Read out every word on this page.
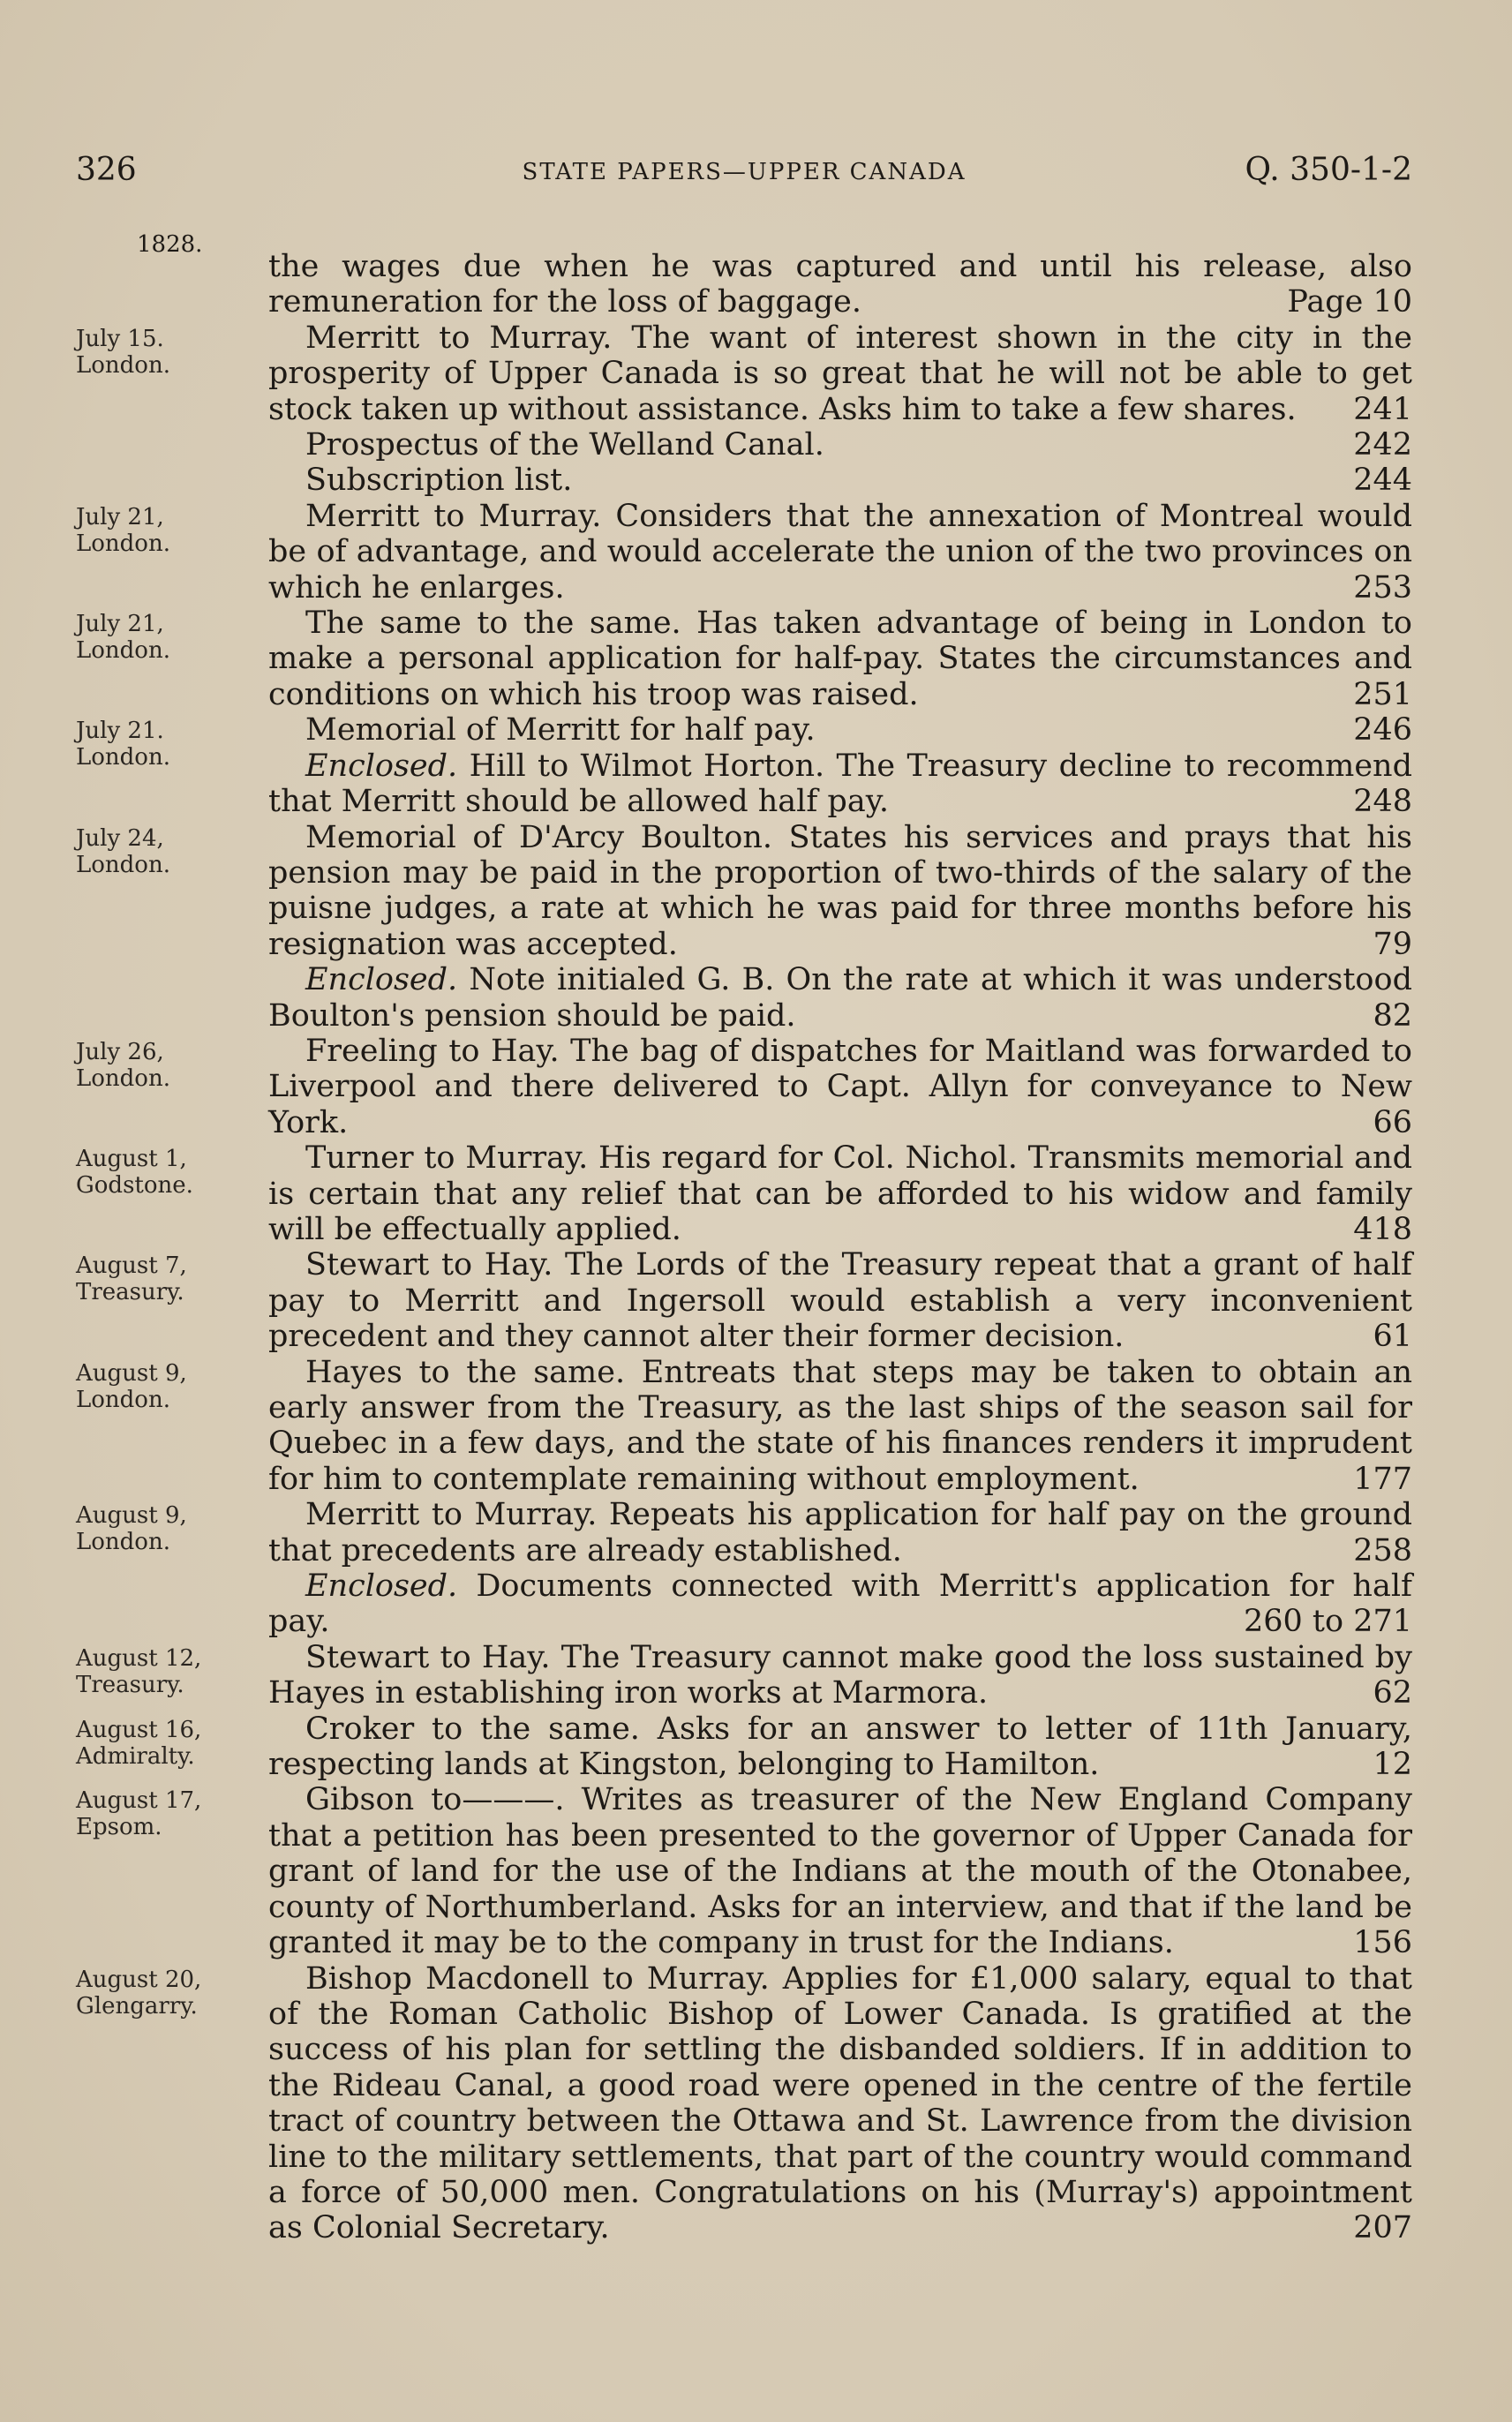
326	STATE PAPERS—UPPER CANADA	Q. 350-1-2
1828.
the wages due when he was captured and until his release, also remuneration for the loss of baggage.	Page 10
July 15.
London.
Merritt to Murray. The want of interest shown in the city in the prosperity of Upper Canada is so great that he will not be able to get stock taken up without assistance. Asks him to take a few shares.	241
Prospectus of the Welland Canal.	242
Subscription list.	244
July 21,
London.
Merritt to Murray. Considers that the annexation of Montreal would be of advantage, and would accelerate the union of the two provinces on which he enlarges.	253
July 21,
London.
The same to the same. Has taken advantage of being in London to make a personal application for half-pay. States the circumstances and conditions on which his troop was raised.	251
July 21.
London.
Memorial of Merritt for half pay.	246
Enclosed. Hill to Wilmot Horton. The Treasury decline to recommend that Merritt should be allowed half pay.	248
July 24,
London.
Memorial of D'Arcy Boulton. States his services and prays that his pension may be paid in the proportion of two-thirds of the salary of the puisne judges, a rate at which he was paid for three months before his resignation was accepted.	79
Enclosed. Note initialed G. B. On the rate at which it was understood Boulton's pension should be paid.	82
July 26,
London.
Freeling to Hay. The bag of dispatches for Maitland was forwarded to Liverpool and there delivered to Capt. Allyn for conveyance to New York.	66
August 1,
Godstone.
Turner to Murray. His regard for Col. Nichol. Transmits memorial and is certain that any relief that can be afforded to his widow and family will be effectually applied.	418
August 7,
Treasury.
Stewart to Hay. The Lords of the Treasury repeat that a grant of half pay to Merritt and Ingersoll would establish a very inconvenient precedent and they cannot alter their former decision.	61
August 9,
London.
Hayes to the same. Entreats that steps may be taken to obtain an early answer from the Treasury, as the last ships of the season sail for Quebec in a few days, and the state of his finances renders it imprudent for him to contemplate remaining without employment.	177
August 9,
London.
Merritt to Murray. Repeats his application for half pay on the ground that precedents are already established.	258
Enclosed. Documents connected with Merritt's application for half pay.	260 to 271
August 12,
Treasury.
Stewart to Hay. The Treasury cannot make good the loss sustained by Hayes in establishing iron works at Marmora.	62
August 16,
Admiralty.
Croker to the same. Asks for an answer to letter of 11th January, respecting lands at Kingston, belonging to Hamilton.	12
August 17,
Epsom.
Gibson to———. Writes as treasurer of the New England Company that a petition has been presented to the governor of Upper Canada for grant of land for the use of the Indians at the mouth of the Otonabee, county of Northumberland. Asks for an interview, and that if the land be granted it may be to the company in trust for the Indians.	156
August 20,
Glengarry.
Bishop Macdonell to Murray. Applies for £1,000 salary, equal to that of the Roman Catholic Bishop of Lower Canada. Is gratified at the success of his plan for settling the disbanded soldiers. If in addition to the Rideau Canal, a good road were opened in the centre of the fertile tract of country between the Ottawa and St. Lawrence from the division line to the military settlements, that part of the country would command a force of 50,000 men. Congratulations on his (Murray's) appointment as Colonial Secretary.	207
